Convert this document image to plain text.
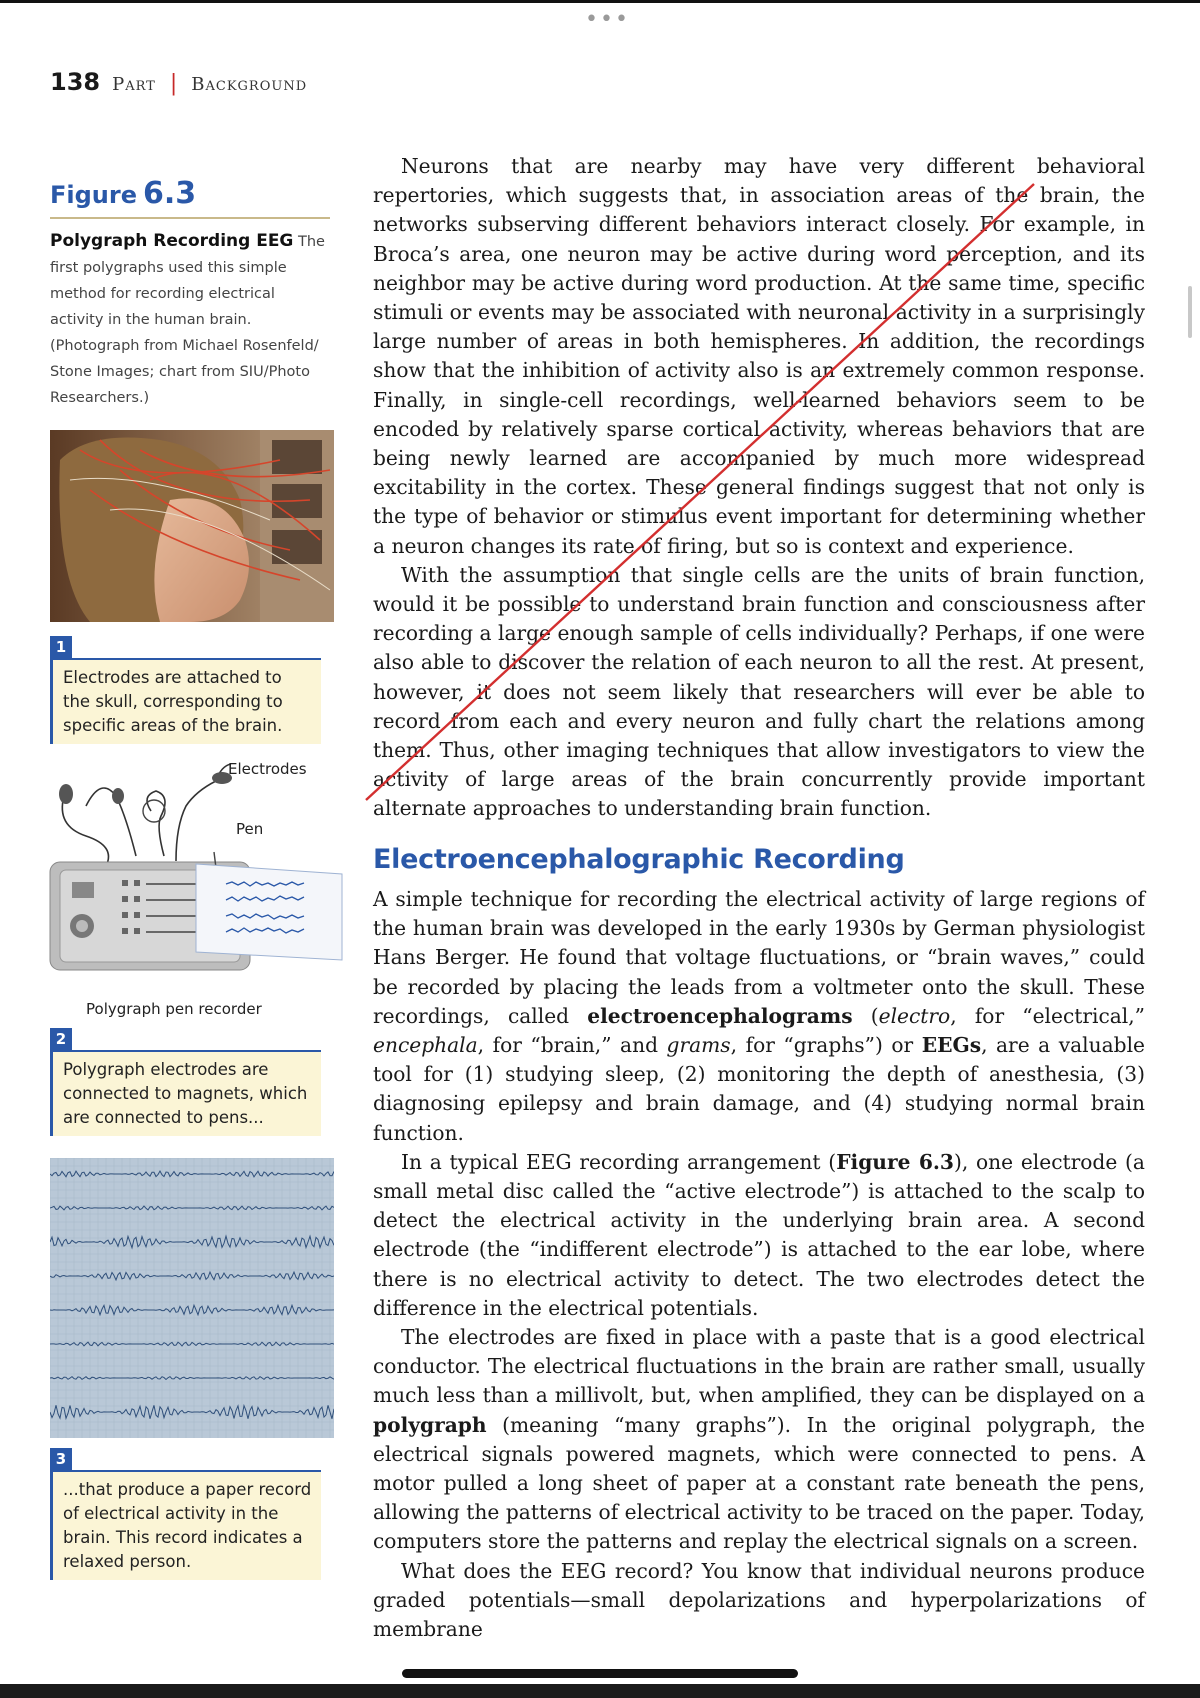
•••
138 Part | Background
Figure 6.3
Polygraph Recording EEG The first polygraphs used this simple method for recording electrical activity in the human brain. (Photograph from Michael Rosenfeld/ Stone Images; chart from SIU/Photo Researchers.)
1
Electrodes are attached to the skull, corresponding to specific areas of the brain.
Electrodes
Pen
Polygraph pen recorder
2
Polygraph electrodes are connected to magnets, which are connected to pens...
3
...that produce a paper record of electrical activity in the brain. This record indicates a relaxed person.

Neurons that are nearby may have very different behavioral repertories, which suggests that, in association areas of the brain, the networks subserving different behaviors interact closely. For example, in Broca’s area, one neuron may be active during word perception, and its neighbor may be active during word production. At the same time, specific stimuli or events may be associated with neuronal activity in a surprisingly large number of areas in both hemispheres. In addition, the recordings show that the inhibition of activity also is an extremely common response. Finally, in single-cell recordings, well-learned behaviors seem to be encoded by relatively sparse cortical activity, whereas behaviors that are being newly learned are accompanied by much more widespread excitability in the cortex. These general findings suggest that not only is the type of behavior or stimulus event important for determining whether a neuron changes its rate of firing, but so is context and experience.

With the assumption that single cells are the units of brain function, would it be possible to understand brain function and consciousness after recording a large enough sample of cells individually? Perhaps, if one were also able to discover the relation of each neuron to all the rest. At present, however, it does not seem likely that researchers will ever be able to record from each and every neuron and fully chart the relations among them. Thus, other imaging techniques that allow investigators to view the activity of large areas of the brain concurrently provide important alternate approaches to understanding brain function.

Electroencephalographic Recording

A simple technique for recording the electrical activity of large regions of the human brain was developed in the early 1930s by German physiologist Hans Berger. He found that voltage fluctuations, or “brain waves,” could be recorded by placing the leads from a voltmeter onto the skull. These recordings, called electroencephalograms (electro, for “electrical,” encephala, for “brain,” and grams, for “graphs”) or EEGs, are a valuable tool for (1) studying sleep, (2) monitoring the depth of anesthesia, (3) diagnosing epilepsy and brain damage, and (4) studying normal brain function.

In a typical EEG recording arrangement (Figure 6.3), one electrode (a small metal disc called the “active electrode”) is attached to the scalp to detect the electrical activity in the underlying brain area. A second electrode (the “indifferent electrode”) is attached to the ear lobe, where there is no electrical activity to detect. The two electrodes detect the difference in the electrical potentials.

The electrodes are fixed in place with a paste that is a good electrical conductor. The electrical fluctuations in the brain are rather small, usually much less than a millivolt, but, when amplified, they can be displayed on a polygraph (meaning “many graphs”). In the original polygraph, the electrical signals powered magnets, which were connected to pens. A motor pulled a long sheet of paper at a constant rate beneath the pens, allowing the patterns of electrical activity to be traced on the paper. Today, computers store the patterns and replay the electrical signals on a screen.

What does the EEG record? You know that individual neurons produce graded potentials—small depolarizations and hyperpolarizations of membrane
